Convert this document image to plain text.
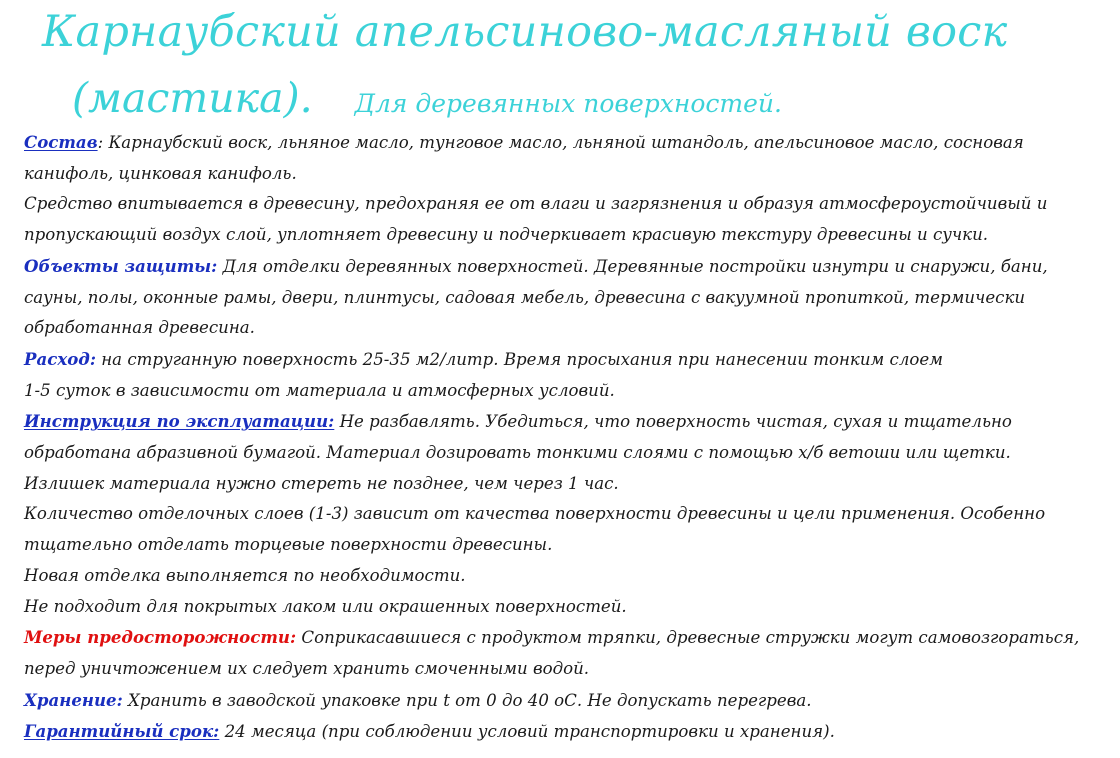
Карнаубский апельсиново-масляный воск
(мастика). Для деревянных поверхностей.

Состав: Карнаубский воск, льняное масло, тунговое масло, льняной штандоль, апельсиновое масло, сосновая

канифоль, цинковая канифоль.

Средство впитывается в древесину, предохраняя ее от влаги и загрязнения и образуя атмосфероустойчивый и

пропускающий воздух слой, уплотняет древесину и подчеркивает красивую текстуру древесины и сучки.

Объекты защиты: Для отделки деревянных поверхностей. Деревянные постройки изнутри и снаружи, бани,

сауны, полы, оконные рамы, двери, плинтусы, садовая мебель, древесина с вакуумной пропиткой, термически

обработанная древесина.

Расход: на струганную поверхность 25-35 м2/литр. Время просыхания при нанесении тонким слоем

1-5 суток в зависимости от материала и атмосферных условий.

Инструкция по эксплуатации: Не разбавлять. Убедиться, что поверхность чистая, сухая и тщательно

обработана абразивной бумагой. Материал дозировать тонкими слоями с помощью х/б ветоши или щетки.

Излишек материала нужно стереть не позднее, чем через 1 час.

Количество отделочных слоев (1-3) зависит от качества поверхности древесины и цели применения. Особенно

тщательно отделать торцевые поверхности древесины.

Новая отделка выполняется по необходимости.

Не подходит для покрытых лаком или окрашенных поверхностей.

Меры предосторожности: Соприкасавшиеся с продуктом тряпки, древесные стружки могут самовозгораться,

перед уничтожением их следует хранить смоченными водой.

Хранение: Хранить в заводской упаковке при t от 0 до 40 оС. Не допускать перегрева.

Гарантийный срок: 24 месяца (при соблюдении условий транспортировки и хранения).
